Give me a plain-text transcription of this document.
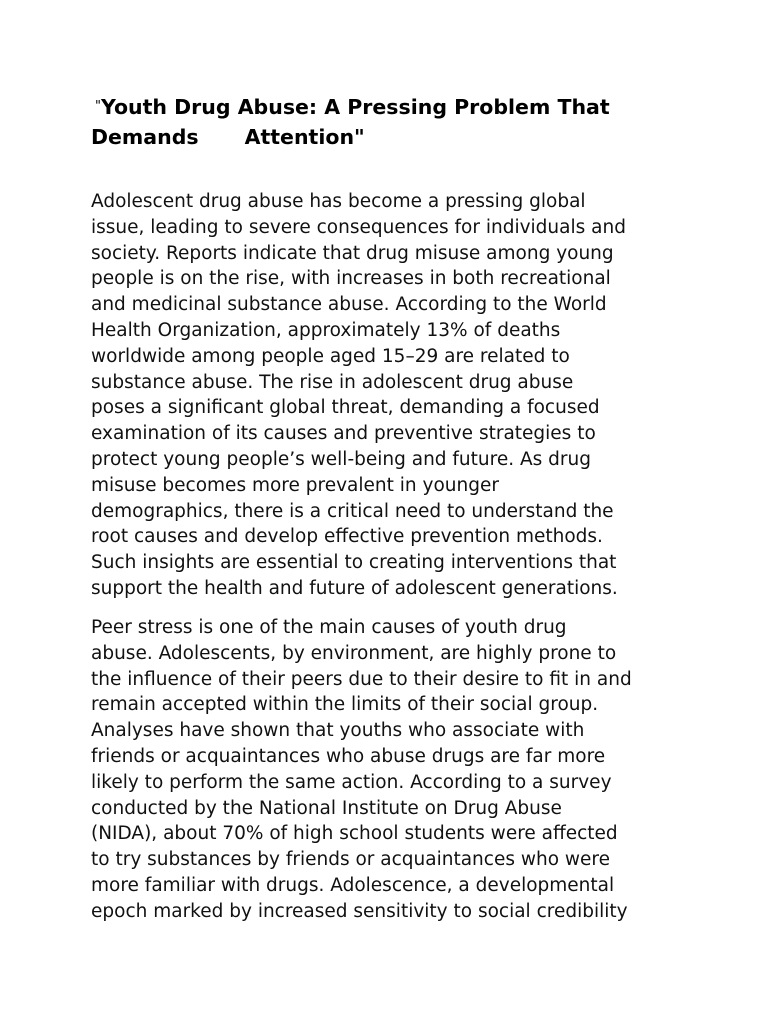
"Youth Drug Abuse: A Pressing Problem That
Demands Attention"

Adolescent drug abuse has become a pressing global
issue, leading to severe consequences for individuals and
society. Reports indicate that drug misuse among young
people is on the rise, with increases in both recreational
and medicinal substance abuse. According to the World
Health Organization, approximately 13% of deaths
worldwide among people aged 15–29 are related to
substance abuse. The rise in adolescent drug abuse
poses a significant global threat, demanding a focused
examination of its causes and preventive strategies to
protect young people’s well-being and future. As drug
misuse becomes more prevalent in younger
demographics, there is a critical need to understand the
root causes and develop effective prevention methods.
Such insights are essential to creating interventions that
support the health and future of adolescent generations.

Peer stress is one of the main causes of youth drug
abuse. Adolescents, by environment, are highly prone to
the influence of their peers due to their desire to fit in and
remain accepted within the limits of their social group.
Analyses have shown that youths who associate with
friends or acquaintances who abuse drugs are far more
likely to perform the same action. According to a survey
conducted by the National Institute on Drug Abuse
(NIDA), about 70% of high school students were affected
to try substances by friends or acquaintances who were
more familiar with drugs. Adolescence, a developmental
epoch marked by increased sensitivity to social credibility
